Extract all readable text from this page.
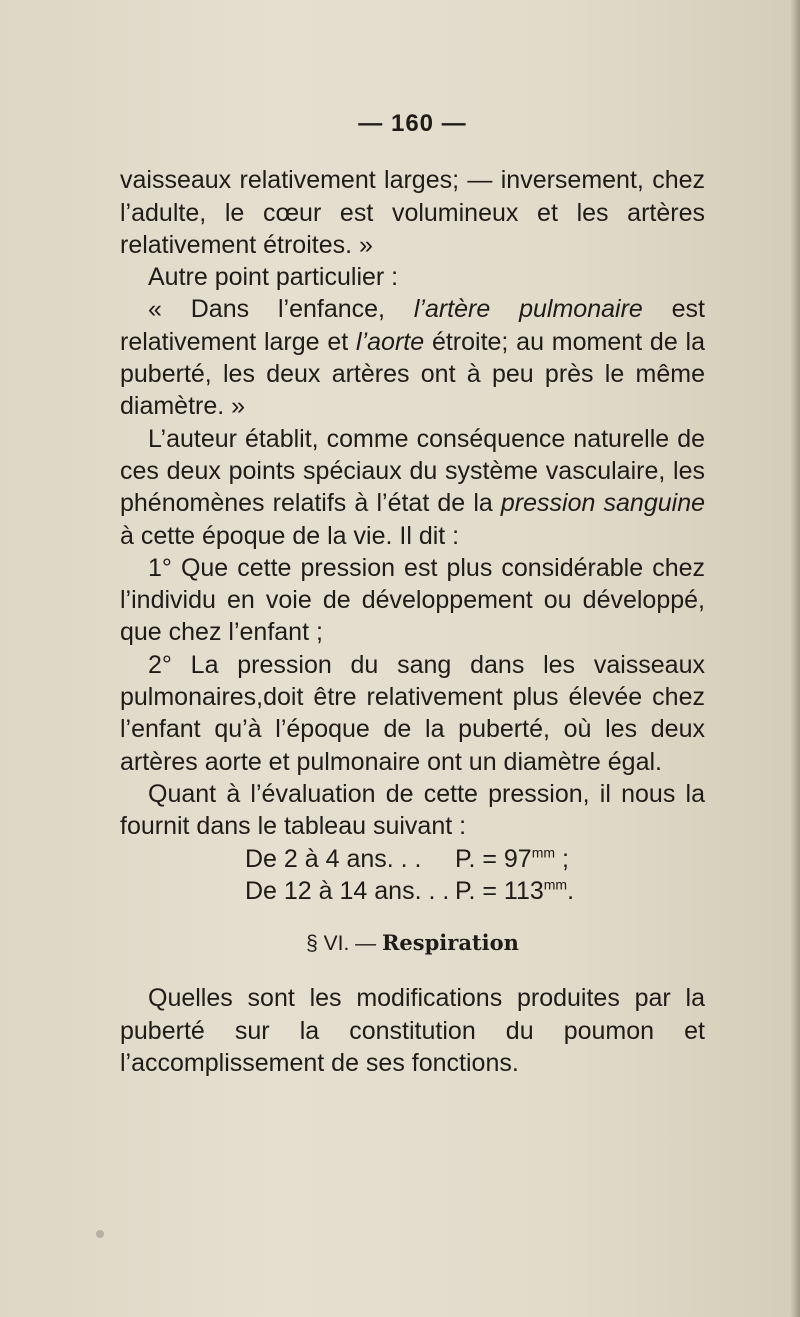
— 160 —

vaisseaux relativement larges; — inversement, chez l’adulte, le cœur est volumineux et les artères relativement étroites. »

Autre point particulier :

« Dans l’enfance, l’artère pulmonaire est relativement large et l’aorte étroite; au moment de la puberté, les deux artères ont à peu près le même diamètre. »

L’auteur établit, comme conséquence naturelle de ces deux points spéciaux du système vasculaire, les phénomènes relatifs à l’état de la pression sanguine à cette époque de la vie. Il dit :

1° Que cette pression est plus considérable chez l’individu en voie de développement ou développé, que chez l’enfant ;

2° La pression du sang dans les vaisseaux pulmonaires,doit être relativement plus élevée chez l’enfant qu’à l’époque de la puberté, où les deux artères aorte et pulmonaire ont un diamètre égal.

Quant à l’évaluation de cette pression, il nous la fournit dans le tableau suivant :

De 2 à 4 ans. . .	P. = $97^{mm}$ ;
De 12 à 14 ans. . . P. = $113^{mm}$.
§ VI. — Respiration

Quelles sont les modifications produites par la puberté sur la constitution du poumon et l’accomplissement de ses fonctions.
